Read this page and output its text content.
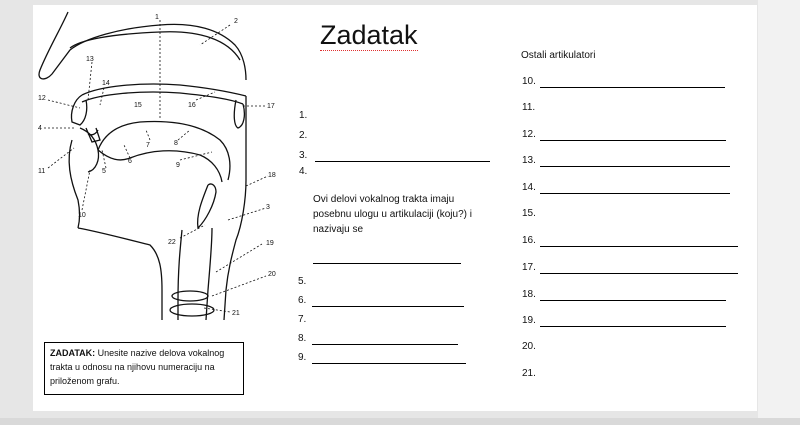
1
2
13
14
12
15	16	17
4
8
7
6
11	5
9
18
3
10
22	19
20
21
Zadatak
1.
2.
3.
4.
Ovi delovi vokalnog trakta imaju posebnu ulogu u artikulaciji (koju?) i nazivaju se
5.
6.
7.
8.
9.
Ostali artikulatori
10.
11.
12.
13.
14.
15.
16.
17.
18.
19.
20.
21.
ZADATAK: Unesite nazive delova vokalnog trakta u odnosu na njihovu numeraciju na priloženom grafu.
